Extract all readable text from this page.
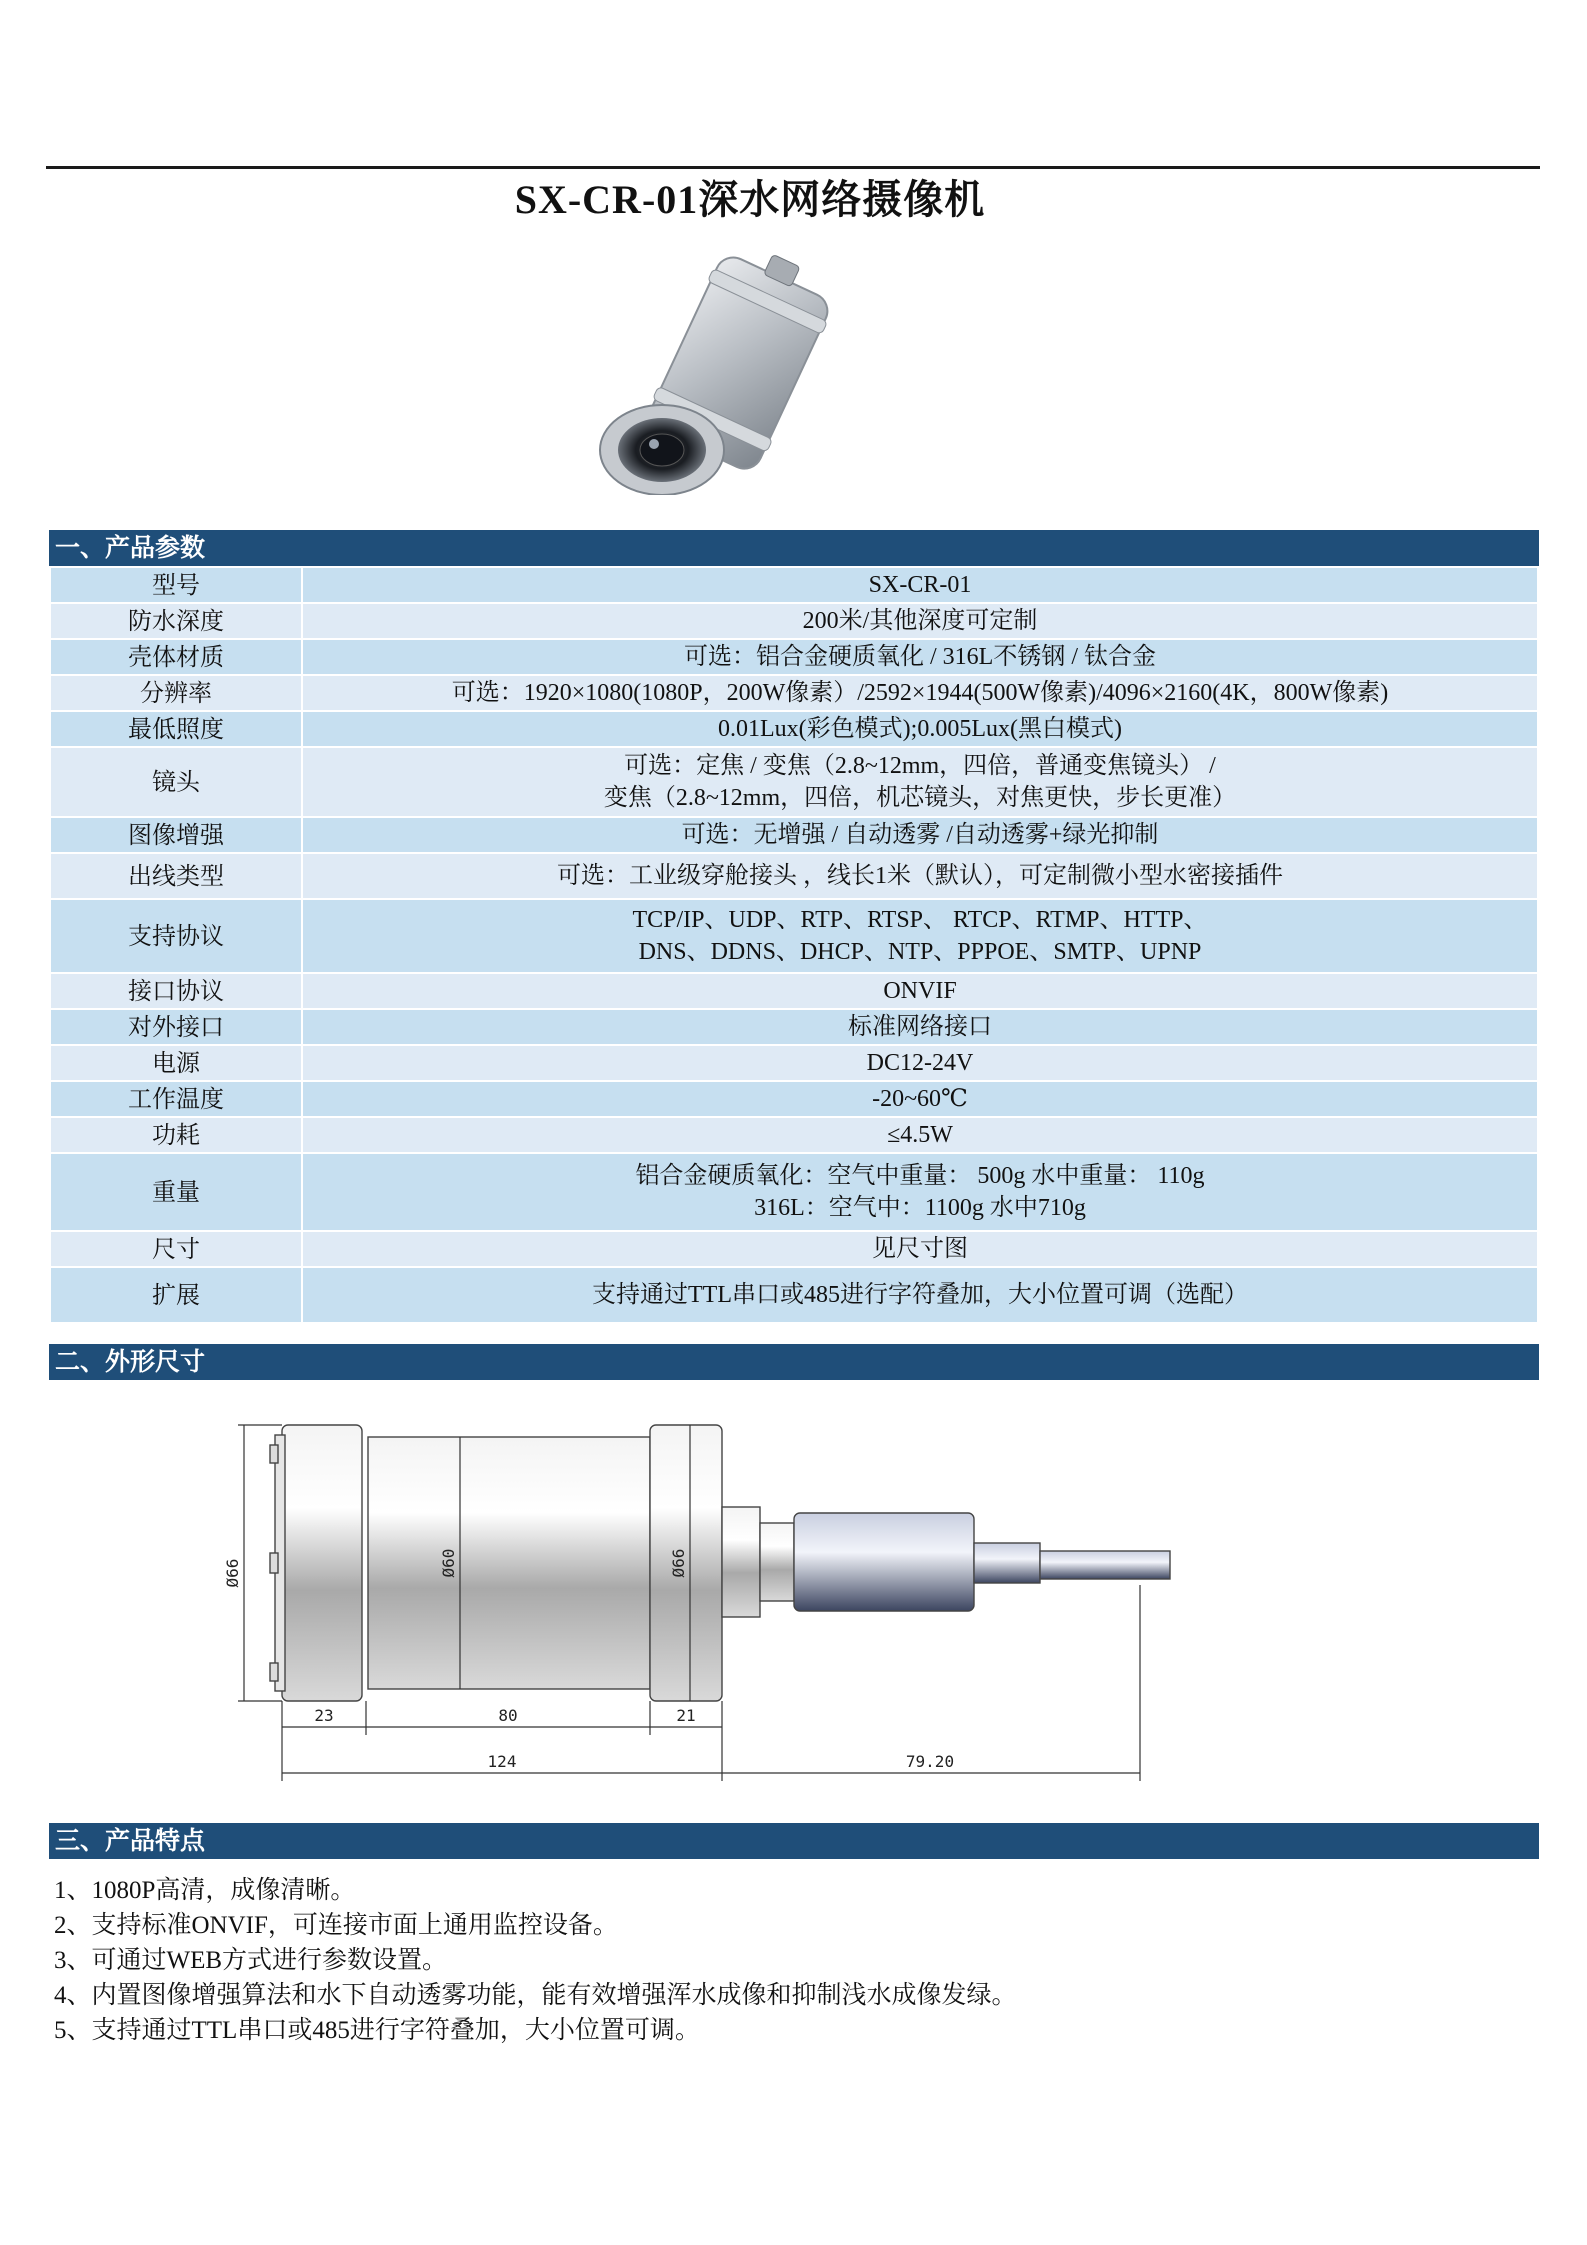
SX-CR-01深水网络摄像机
一、产品参数
型号	SX-CR-01
防水深度	200米/其他深度可定制
壳体材质	可选：铝合金硬质氧化 / 316L不锈钢 / 钛合金
分辨率	可选：1920×1080(1080P，200W像素）/2592×1944(500W像素)/4096×2160(4K，800W像素)
最低照度	0.01Lux(彩色模式);0.005Lux(黑白模式)
镜头	可选：定焦 / 变焦（2.8~12mm，四倍，普通变焦镜头） /
变焦（2.8~12mm，四倍，机芯镜头，对焦更快，步长更准）

图像增强	可选：无增强 / 自动透雾 /自动透雾+绿光抑制
出线类型	可选：工业级穿舱接头 ，线长1米（默认），可定制微小型水密接插件
支持协议	TCP/IP、UDP、RTP、RTSP、 RTCP、RTMP、HTTP、
DNS、DDNS、DHCP、NTP、PPPOE、SMTP、UPNP

接口协议	ONVIF
对外接口	标准网络接口
电源	DC12-24V
工作温度	-20~60℃
功耗	≤4.5W
重量	铝合金硬质氧化：空气中重量： 500g 水中重量： 110g
316L：空气中：1100g 水中710g

尺寸	见尺寸图
扩展	支持通过TTL串口或485进行字符叠加，大小位置可调（选配）
二、外形尺寸
Ø66	Ø60	Ø66
23	80	21
124	79.20
三、产品特点
1、1080P高清，成像清晰。
2、支持标准ONVIF，可连接市面上通用监控设备。
3、可通过WEB方式进行参数设置。
4、内置图像增强算法和水下自动透雾功能，能有效增强浑水成像和抑制浅水成像发绿。
5、支持通过TTL串口或485进行字符叠加，大小位置可调。
